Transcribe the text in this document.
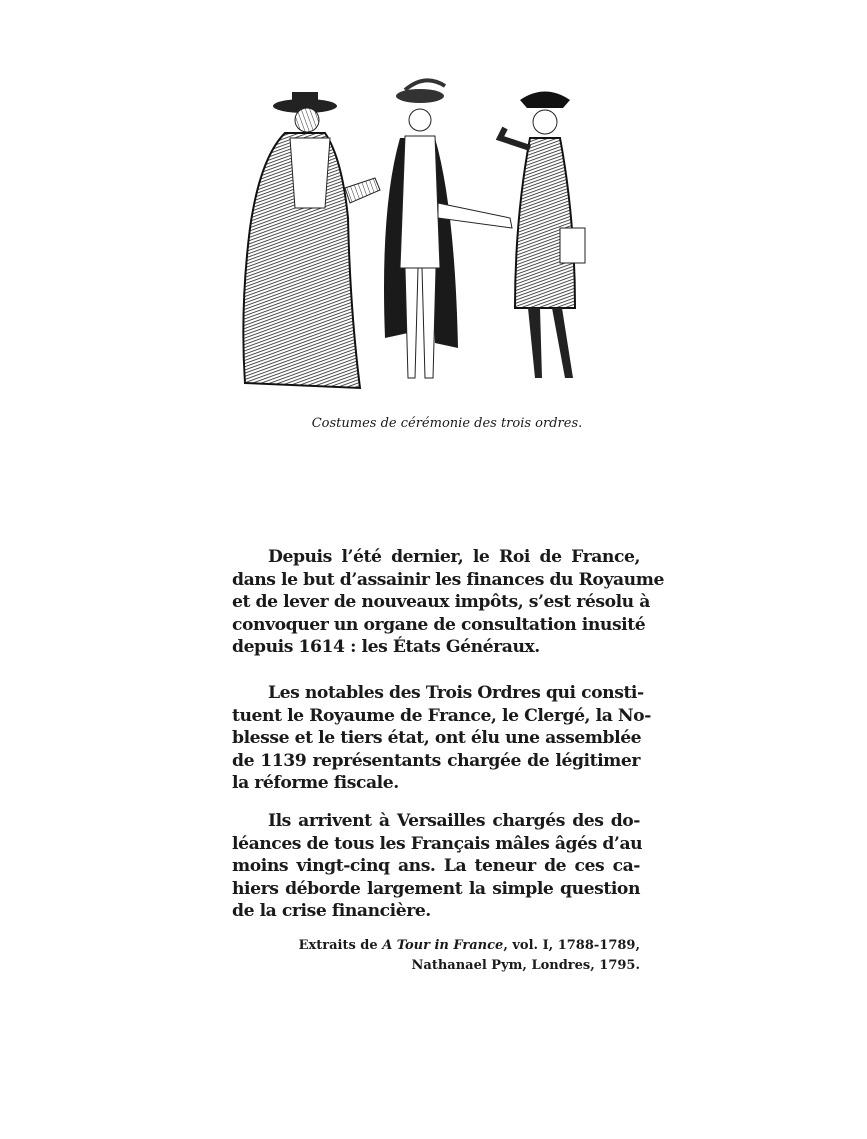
Costumes de cérémonie des trois ordres.
Depuis l’été dernier, le Roi de France,
dans le but d’assainir les finances du Royaume
et de lever de nouveaux impôts, s’est résolu à
convoquer un organe de consultation inusité
depuis 1614 : les États Généraux.
Les notables des Trois Ordres qui consti-
tuent le Royaume de France, le Clergé, la No-
blesse et le tiers état, ont élu une assemblée
de 1139 représentants chargée de légitimer
la réforme fiscale.
Ils arrivent à Versailles chargés des do-
léances de tous les Français mâles âgés d’au
moins vingt-cinq ans. La teneur de ces ca-
hiers déborde largement la simple question
de la crise financière.
Extraits de A Tour in France, vol. I, 1788-1789,
Nathanael Pym, Londres, 1795.
